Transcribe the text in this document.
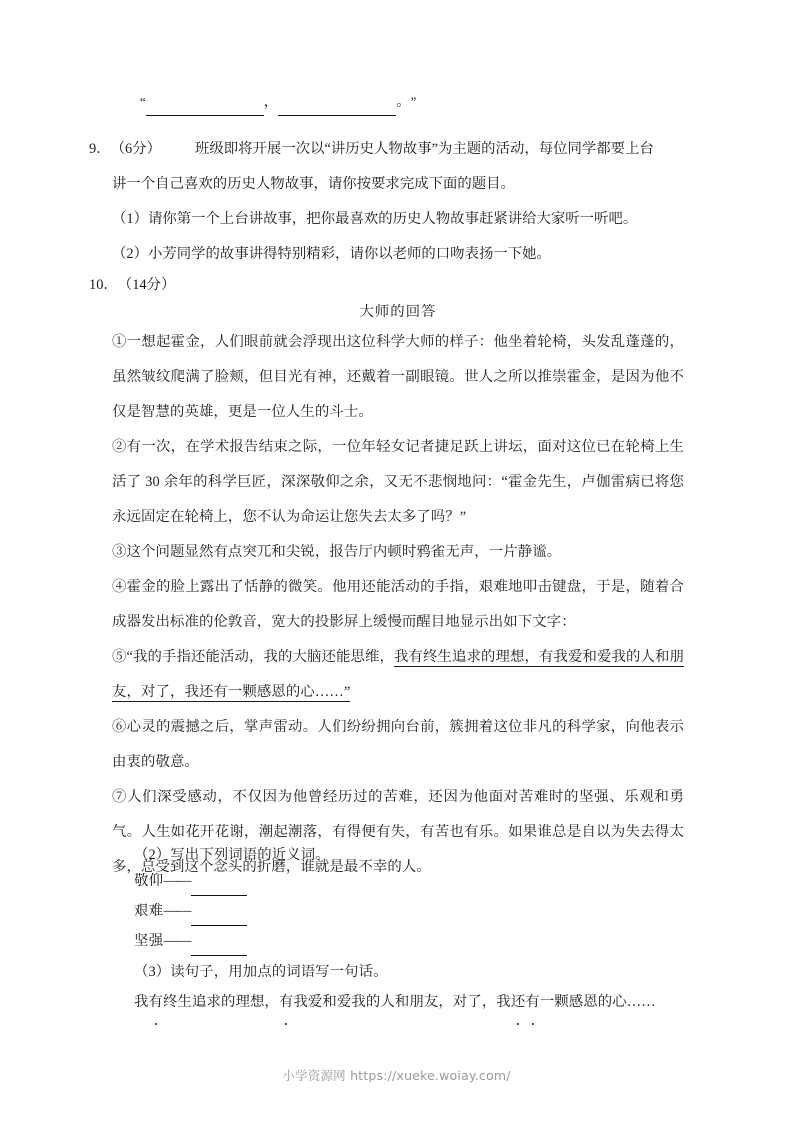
“	，	。 ”

9．（6分） 班级即将开展一次以“讲历史人物故事”为主题的活动，每位同学都要上台

讲一个自己喜欢的历史人物故事，请你按要求完成下面的题目。

（1）请你第一个上台讲故事，把你最喜欢的历史人物故事赶紧讲给大家听一听吧。

（2）小芳同学的故事讲得特别精彩，请你以老师的口吻表扬一下她。

10．（14分）
大师的回答

①一想起霍金，人们眼前就会浮现出这位科学大师的样子：他坐着轮椅，头发乱蓬蓬的，虽然皱纹爬满了脸颊，但目光有神，还戴着一副眼镜。世人之所以推崇霍金，是因为他不仅是智慧的英雄，更是一位人生的斗士。

②有一次，在学术报告结束之际，一位年轻女记者捷足跃上讲坛，面对这位已在轮椅上生活了 30 余年的科学巨匠，深深敬仰之余，又无不悲悯地问：“霍金先生，卢伽雷病已将您永远固定在轮椅上，您不认为命运让您失去太多了吗？”

③这个问题显然有点突兀和尖锐，报告厅内顿时鸦雀无声，一片静谧。

④霍金的脸上露出了恬静的微笑。他用还能活动的手指，艰难地叩击键盘，于是，随着合成器发出标准的伦敦音，宽大的投影屏上缓慢而醒目地显示出如下文字：

⑤“我的手指还能活动，我的大脑还能思维，我有终生追求的理想，有我爱和爱我的人和朋友，对了，我还有一颗感恩的心……”

⑥心灵的震撼之后，掌声雷动。人们纷纷拥向台前，簇拥着这位非凡的科学家，向他表示由衷的敬意。

⑦人们深受感动，不仅因为他曾经历过的苦难，还因为他面对苦难时的坚强、乐观和勇气。人生如花开花谢，潮起潮落，有得便有失，有苦也有乐。如果谁总是自以为失去得太多，总受到这个念头的折磨，谁就是最不幸的人。

（2）写出下列词语的近义词。
敬仰 ——
艰难 ——
坚强 ——
（3）读句子，用加点的词语写一句话。
我有终生追求的理想，有我爱和爱我的人和朋友，对了，我还有一颗感恩的心……
小学资源网 https://xueke.woiay.com/
